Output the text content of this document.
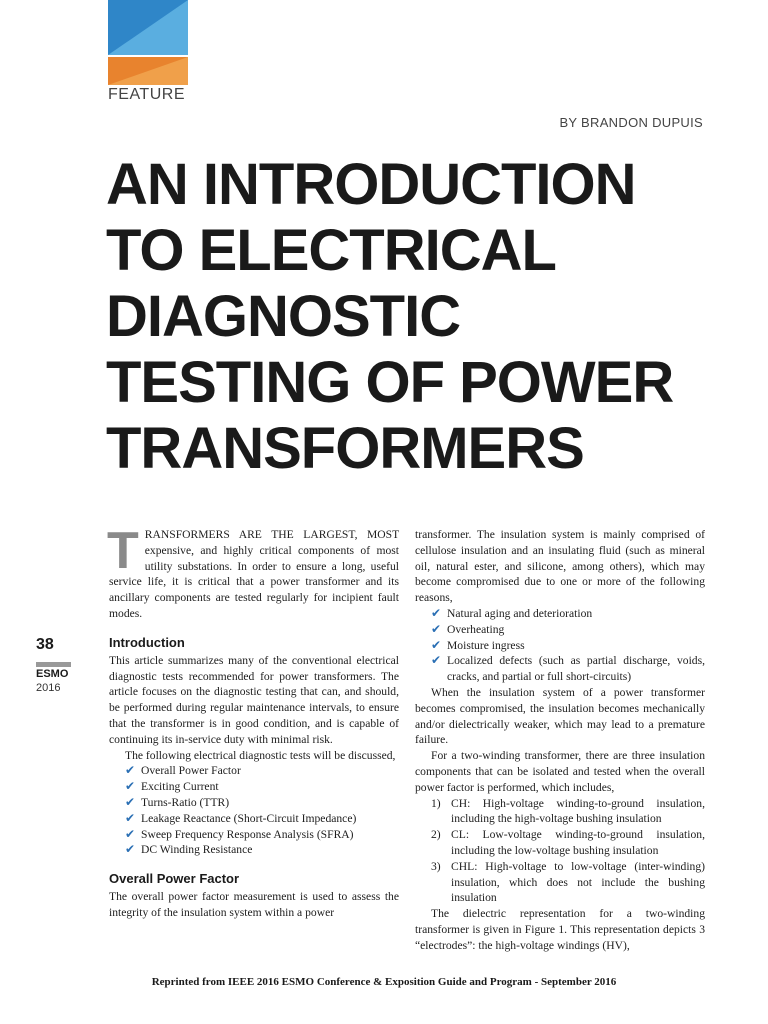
FEATURE
BY BRANDON DUPUIS
AN INTRODUCTION
TO ELECTRICAL
DIAGNOSTIC
TESTING OF POWER
TRANSFORMERS
38
ESMO
2016

TRANSFORMERS ARE THE LARGEST, MOST expensive, and highly critical components of most utility substations. In order to ensure a long, useful service life, it is critical that a power transformer and its ancillary components are tested regularly for incipient fault modes.

Introduction

This article summarizes many of the conventional electrical diagnostic tests recommended for power transformers. The article focuses on the diagnostic testing that can, and should, be performed during regular maintenance intervals, to ensure that the transformer is in good condition, and is capable of continuing its in-service duty with minimal risk.

The following electrical diagnostic tests will be discussed,

✔ Overall Power Factor
✔ Exciting Current
✔ Turns-Ratio (TTR)
✔ Leakage Reactance (Short-Circuit Impedance)
✔ Sweep Frequency Response Analysis (SFRA)
✔ DC Winding Resistance
Overall Power Factor

The overall power factor measurement is used to assess the integrity of the insulation system within a power

transformer. The insulation system is mainly comprised of cellulose insulation and an insulating fluid (such as mineral oil, natural ester, and silicone, among others), which may become compromised due to one or more of the following reasons,

✔ Natural aging and deterioration
✔ Overheating
✔ Moisture ingress
✔ Localized defects (such as partial discharge, voids, cracks, and partial or full short-circuits)

When the insulation system of a power transformer becomes compromised, the insulation becomes mechanically and/or dielectrically weaker, which may lead to a premature failure.

For a two-winding transformer, there are three insulation components that can be isolated and tested when the overall power factor is performed, which includes,

1) CH: High-voltage winding-to-ground insulation, including the high-voltage bushing insulation
2) CL: Low-voltage winding-to-ground insulation, including the low-voltage bushing insulation
3) CHL: High-voltage to low-voltage (inter-winding) insulation, which does not include the bushing insulation

The dielectric representation for a two-winding transformer is given in Figure 1. This representation depicts 3 “electrodes”: the high-voltage windings (HV),

Reprinted from IEEE 2016 ESMO Conference & Exposition Guide and Program - September 2016
